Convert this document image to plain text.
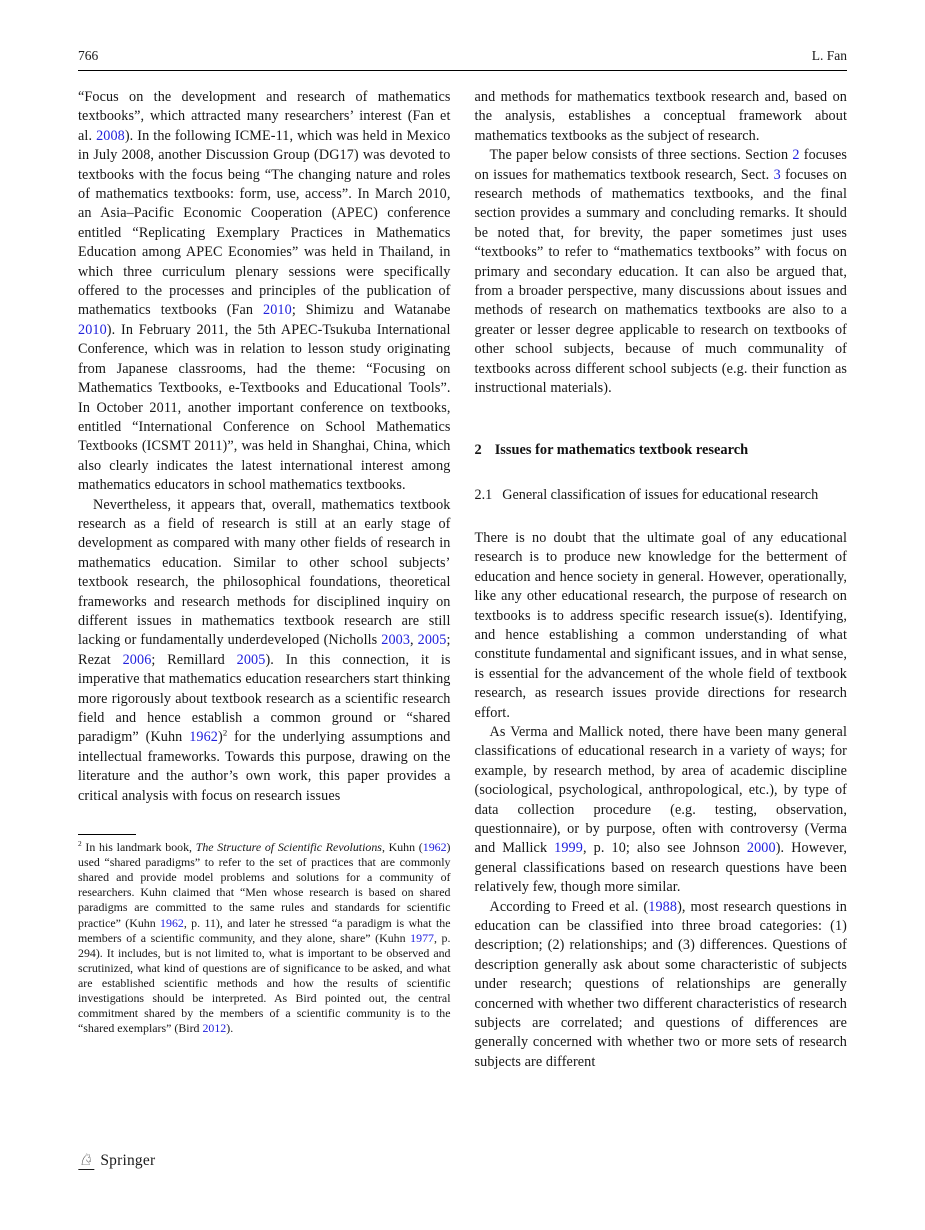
766	L. Fan

“Focus on the development and research of mathematics textbooks”, which attracted many researchers’ interest (Fan et al. 2008). In the following ICME-11, which was held in Mexico in July 2008, another Discussion Group (DG17) was devoted to textbooks with the focus being “The changing nature and roles of mathematics textbooks: form, use, access”. In March 2010, an Asia–Pacific Economic Cooperation (APEC) conference entitled “Replicating Exemplary Practices in Mathematics Education among APEC Economies” was held in Thailand, in which three curriculum plenary sessions were specifically offered to the processes and principles of the publication of mathematics textbooks (Fan 2010; Shimizu and Watanabe 2010). In February 2011, the 5th APEC-Tsukuba International Conference, which was in relation to lesson study originating from Japanese classrooms, had the theme: “Focusing on Mathematics Textbooks, e-Textbooks and Educational Tools”. In October 2011, another important conference on textbooks, entitled “International Conference on School Mathematics Textbooks (ICSMT 2011)”, was held in Shanghai, China, which also clearly indicates the latest international interest among mathematics educators in school mathematics textbooks.

Nevertheless, it appears that, overall, mathematics textbook research as a field of research is still at an early stage of development as compared with many other fields of research in mathematics education. Similar to other school subjects’ textbook research, the philosophical foundations, theoretical frameworks and research methods for disciplined inquiry on different issues in mathematics textbook research are still lacking or fundamentally underdeveloped (Nicholls 2003, 2005; Rezat 2006; Remillard 2005). In this connection, it is imperative that mathematics education researchers start thinking more rigorously about textbook research as a scientific research field and hence establish a common ground or “shared paradigm” (Kuhn 1962)$^2$ for the underlying assumptions and intellectual frameworks. Towards this purpose, drawing on the literature and the author’s own work, this paper provides a critical analysis with focus on research issues

$^2$ In his landmark book, The Structure of Scientific Revolutions, Kuhn (1962) used “shared paradigms” to refer to the set of practices that are commonly shared and provide model problems and solutions for a community of researchers. Kuhn claimed that “Men whose research is based on shared paradigms are committed to the same rules and standards for scientific practice” (Kuhn 1962, p. 11), and later he stressed “a paradigm is what the members of a scientific community, and they alone, share” (Kuhn 1977, p. 294). It includes, but is not limited to, what is important to be observed and scrutinized, what kind of questions are of significance to be asked, and what are established scientific methods and how the results of scientific investigations should be interpreted. As Bird pointed out, the central commitment shared by the members of a scientific community is to the “shared exemplars” (Bird 2012).

and methods for mathematics textbook research and, based on the analysis, establishes a conceptual framework about mathematics textbooks as the subject of research.

The paper below consists of three sections. Section 2 focuses on issues for mathematics textbook research, Sect. 3 focuses on research methods of mathematics textbooks, and the final section provides a summary and concluding remarks. It should be noted that, for brevity, the paper sometimes just uses “textbooks” to refer to “mathematics textbooks” with focus on primary and secondary education. It can also be argued that, from a broader perspective, many discussions about issues and methods of research on mathematics textbooks are also to a greater or lesser degree applicable to research on textbooks of other school subjects, because of much communality of textbooks across different school subjects (e.g. their function as instructional materials).

2 Issues for mathematics textbook research
2.1 General classification of issues for educational research

There is no doubt that the ultimate goal of any educational research is to produce new knowledge for the betterment of education and hence society in general. However, operationally, like any other educational research, the purpose of research on textbooks is to address specific research issue(s). Identifying, and hence establishing a common understanding of what constitute fundamental and significant issues, and in what sense, is essential for the advancement of the whole field of textbook research, as research issues provide directions for research effort.

As Verma and Mallick noted, there have been many general classifications of educational research in a variety of ways; for example, by research method, by area of academic discipline (sociological, psychological, anthropological, etc.), by type of data collection procedure (e.g. testing, observation, questionnaire), or by purpose, often with controversy (Verma and Mallick 1999, p. 10; also see Johnson 2000). However, general classifications based on research questions have been relatively few, though more similar.

According to Freed et al. (1988), most research questions in education can be classified into three broad categories: (1) description; (2) relationships; and (3) differences. Questions of description generally ask about some characteristic of subjects under research; questions of relationships are generally concerned with whether two different characteristics of research subjects are correlated; and questions of differences are generally concerned with whether two or more sets of research subjects are different

♘ Springer
